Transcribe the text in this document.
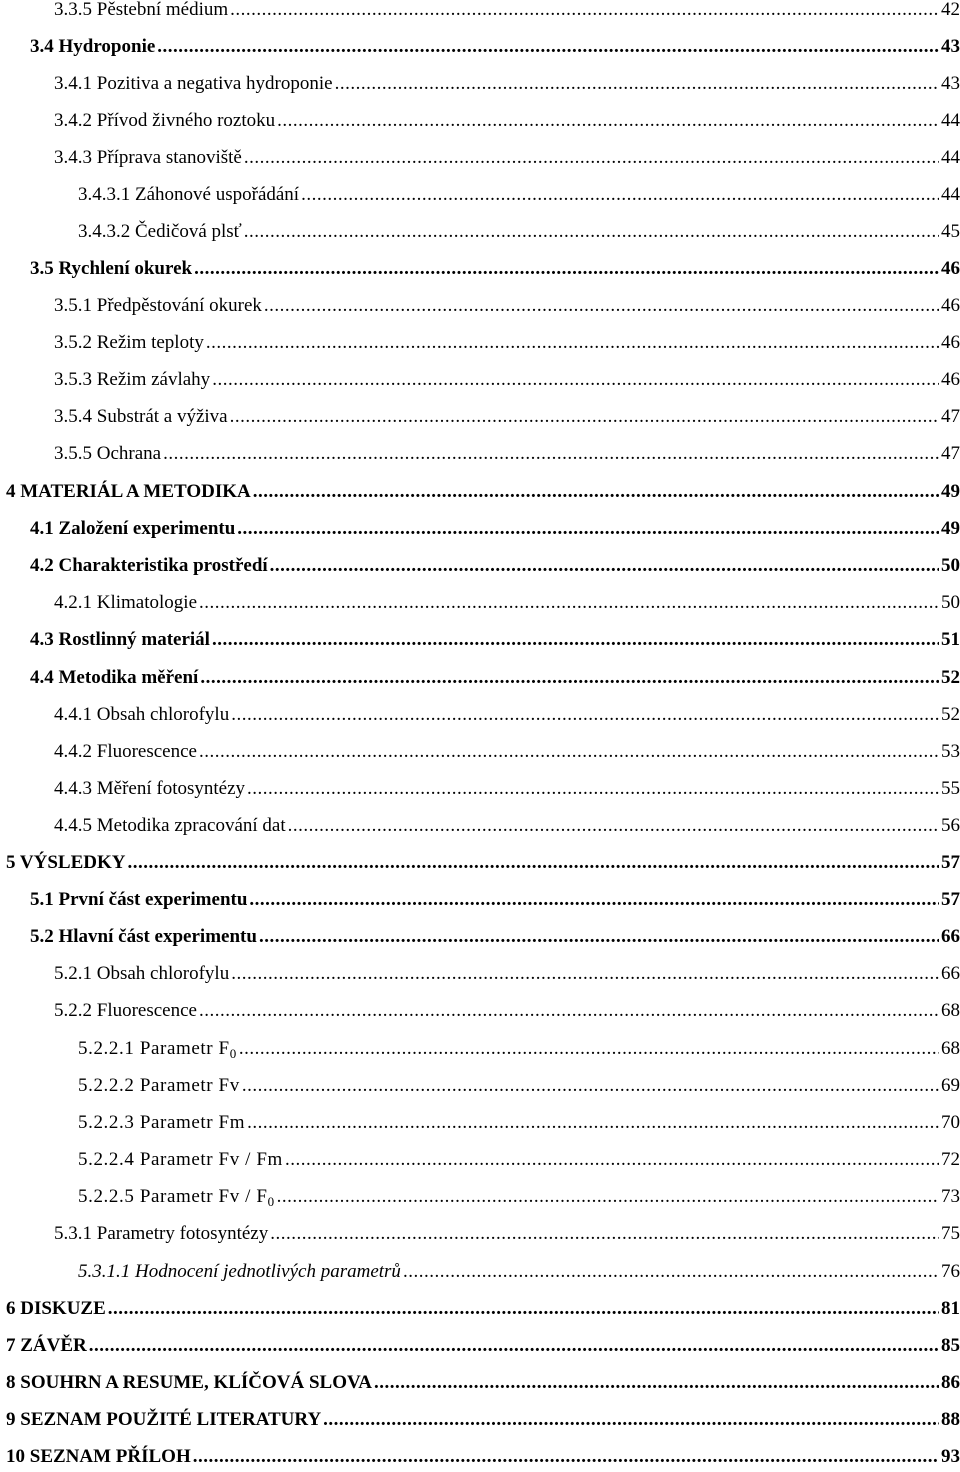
3.3.5 Pěstební médium .....	42
3.4 Hydroponie .....	43
3.4.1 Pozitiva a negativa hydroponie .....	43
3.4.2 Přívod živného roztoku .....	44
3.4.3 Příprava stanoviště .....	44
3.4.3.1 Záhonové uspořádání .....	44
3.4.3.2 Čedičová plsť .....	45
3.5 Rychlení okurek .....	46
3.5.1 Předpěstování okurek .....	46
3.5.2 Režim teploty .....	46
3.5.3 Režim závlahy .....	46
3.5.4 Substrát a výživa .....	47
3.5.5 Ochrana .....	47
4 MATERIÁL A METODIKA .....	49
4.1 Založení experimentu .....	49
4.2 Charakteristika prostředí .....	50
4.2.1 Klimatologie .....	50
4.3 Rostlinný materiál .....	51
4.4 Metodika měření .....	52
4.4.1 Obsah chlorofylu .....	52
4.4.2 Fluorescence .....	53
4.4.3 Měření fotosyntézy .....	55
4.4.5 Metodika zpracování dat .....	56
5 VÝSLEDKY .....	57
5.1 První část experimentu .....	57
5.2 Hlavní část experimentu .....	66
5.2.1 Obsah chlorofylu .....	66
5.2.2 Fluorescence .....	68
5.2.2.1 Parametr $F_0$ .....	68
5.2.2.2 Parametr Fv .....	69
5.2.2.3 Parametr Fm .....	70
5.2.2.4 Parametr Fv / Fm .....	72
5.2.2.5 Parametr Fv / $F_0$ .....	73
5.3.1 Parametry fotosyntézy .....	75
5.3.1.1 Hodnocení jednotlivých parametrů .....	76
6 DISKUZE .....	81
7 ZÁVĚR .....	85
8 SOUHRN A RESUME, KLÍČOVÁ SLOVA .....	86
9 SEZNAM POUŽITÉ LITERATURY .....	88
10 SEZNAM PŘÍLOH .....	93
